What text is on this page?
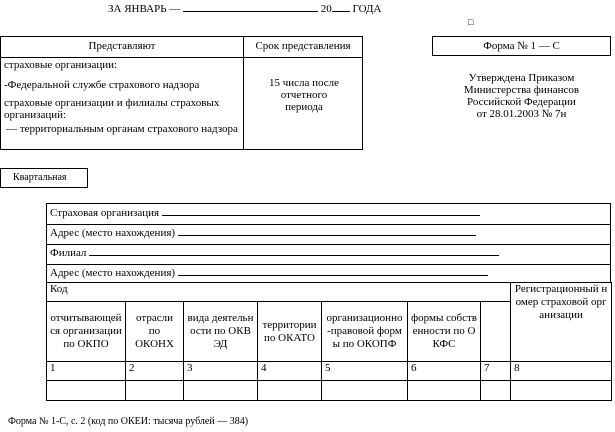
ЗА ЯНВАРЬ —	20 ГОДА
□
Представляют	Срок представления
страховые организации:
-Федеральной службе страхового надзора
страховые организации и филиалы страховых организаций:
— территориальным органам страхового надзора
15 числа после отчетного периода
Форма № 1 — С
Утверждена Приказом
Министерства финансов
Российской Федерации
от 28.01.2003 № 7н
Квартальная
Страховая организация
Адрес (место нахождения)
Филиал
Адрес (место нахождения)
Код							Регистрационный номер страховой организации
отчитывающейся организации по ОКПО	отрасли по ОКОНХ	вида деятельности по ОКВЭД	территории по ОКАТО	организационно-правовой формы по ОКОПФ	формы собственности по ОКФС		
1	2	3	4	5	6	7	8

Форма № 1-С, с. 2 (код по ОКЕИ: тысяча рублей — 384)
